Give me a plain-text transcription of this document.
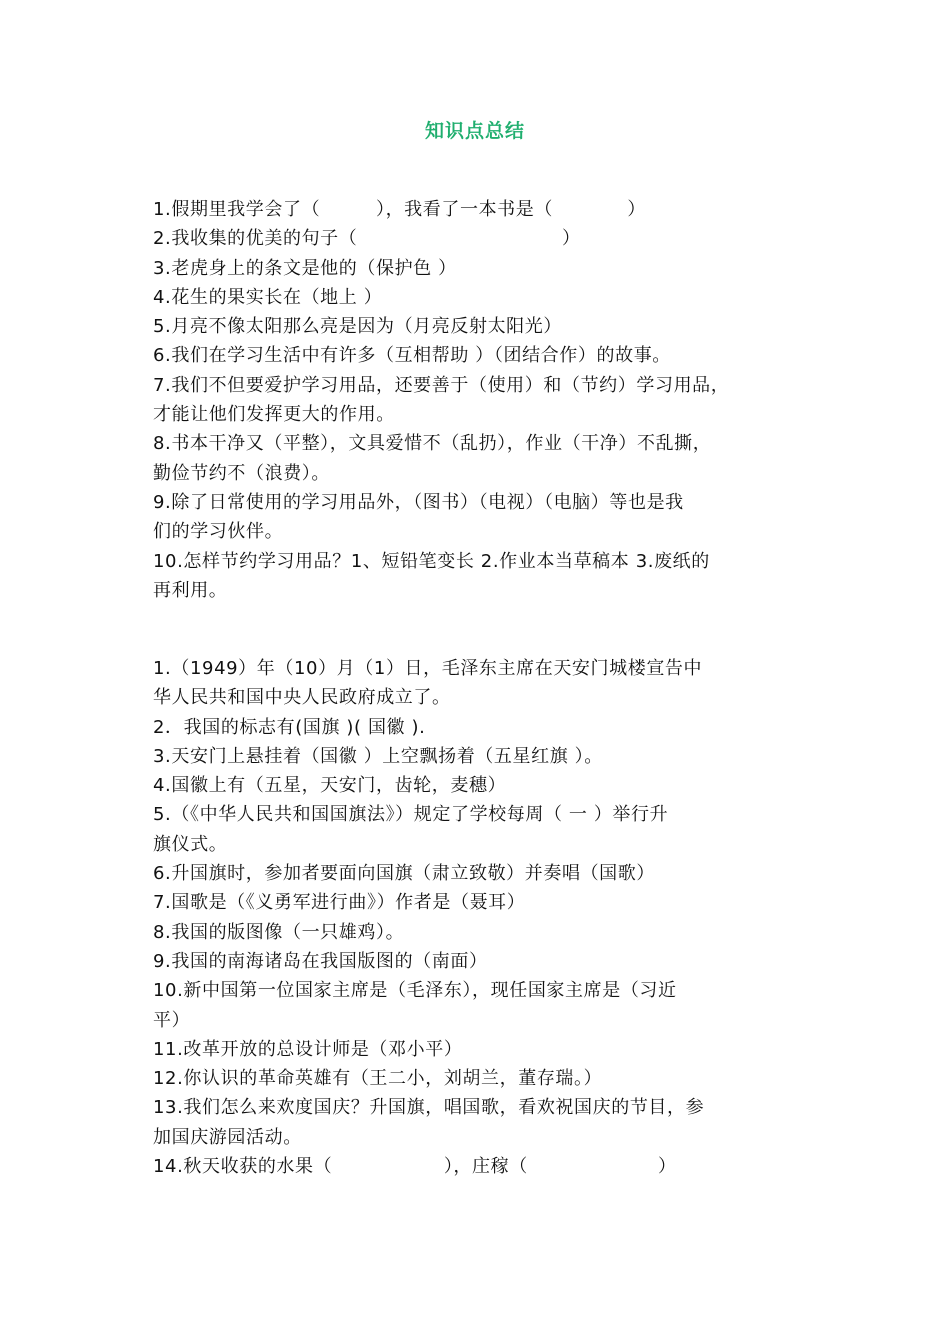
知识点总结
1.假期里我学会了（　　　），我看了一本书是（　　　　）
2.我收集的优美的句子（　　　　　　　　　　　）
3.老虎身上的条文是他的（保护色 ）
4.花生的果实长在（地上 ）
5.月亮不像太阳那么亮是因为（月亮反射太阳光）
6.我们在学习生活中有许多（互相帮助 ）（团结合作）的故事。
7.我们不但要爱护学习用品，还要善于（使用）和（节约）学习用品，
才能让他们发挥更大的作用。
8.书本干净又（平整），文具爱惜不（乱扔），作业（干净）不乱撕，
勤俭节约不（浪费）。
9.除了日常使用的学习用品外，（图书）（电视）（电脑）等也是我
们的学习伙伴。
10.怎样节约学习用品？1、短铅笔变长 2.作业本当草稿本 3.废纸的
再利用。
1.（1949）年（10）月（1）日，毛泽东主席在天安门城楼宣告中
华人民共和国中央人民政府成立了。
2．我国的标志有(国旗 )( 国徽 ).
3.天安门上悬挂着（国徽 ）上空飘扬着（五星红旗 ）。
4.国徽上有（五星，天安门，齿轮，麦穗）
5.（《中华人民共和国国旗法》）规定了学校每周（ 一 ）举行升
旗仪式。
6.升国旗时，参加者要面向国旗（肃立致敬）并奏唱（国歌）
7.国歌是（《义勇军进行曲》）作者是（聂耳）
8.我国的版图像（一只雄鸡）。
9.我国的南海诸岛在我国版图的（南面）
10.新中国第一位国家主席是（毛泽东），现任国家主席是（习近
平）
11.改革开放的总设计师是（邓小平）
12.你认识的革命英雄有（王二小，刘胡兰，董存瑞。）
13.我们怎么来欢度国庆？升国旗，唱国歌，看欢祝国庆的节目，参
加国庆游园活动。
14.秋天收获的水果（　　　　　　），庄稼（　　　　　　　）
